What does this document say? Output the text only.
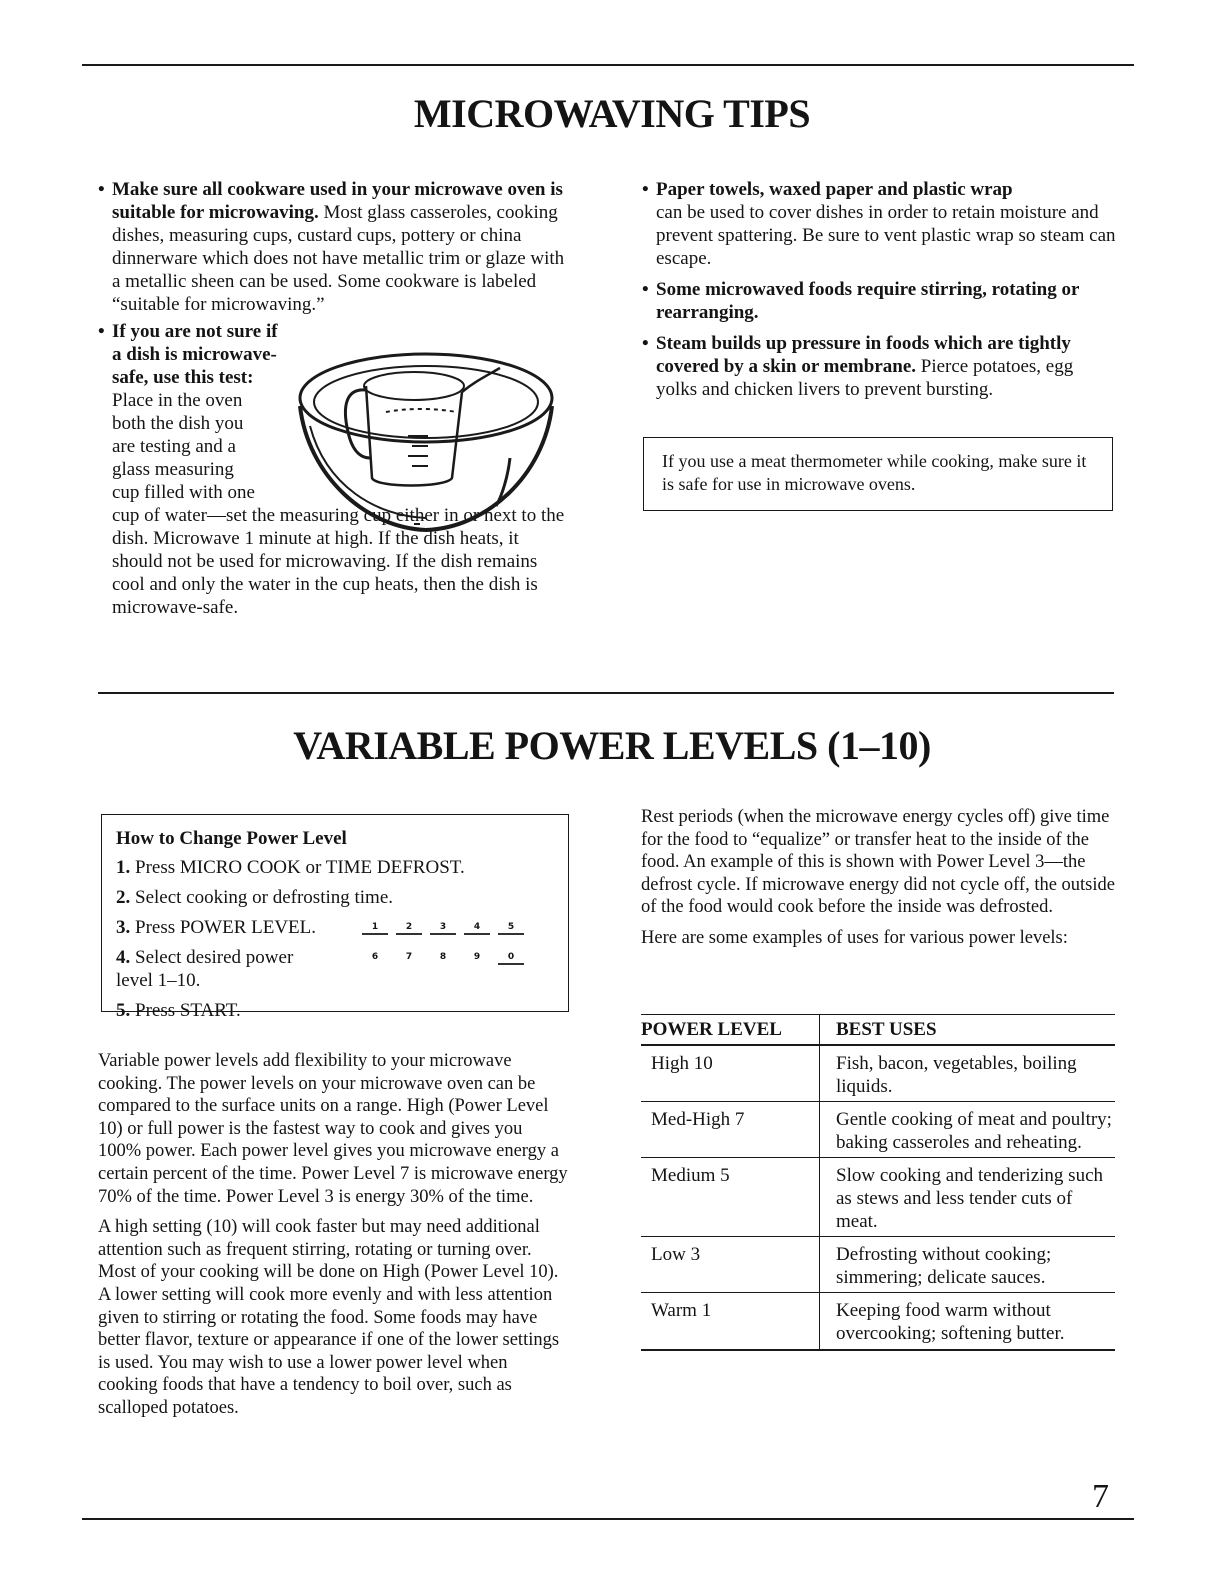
MICROWAVING TIPS
• Make sure all cookware used in your microwave oven is suitable for microwaving. Most glass casseroles, cooking dishes, measuring cups, custard cups, pottery or china dinnerware which does not have metallic trim or glaze with a metallic sheen can be used. Some cookware is labeled “suitable for microwaving.”
• If you are not sure if a dish is microwave-safe, use this test:
Place in the oven
both the dish you
are testing and a
glass measuring
cup filled with one
cup of water—set the measuring cup either in or next to the dish. Microwave 1 minute at high. If the dish heats, it should not be used for microwaving. If the dish remains cool and only the water in the cup heats, then the dish is microwave-safe.
• Paper towels, waxed paper and plastic wrap
can be used to cover dishes in order to retain moisture and prevent spattering. Be sure to vent plastic wrap so steam can escape.
• Some microwaved foods require stirring, rotating or rearranging.
• Steam builds up pressure in foods which are tightly covered by a skin or membrane. Pierce potatoes, egg yolks and chicken livers to prevent bursting.
If you use a meat thermometer while cooking, make sure it is safe for use in microwave ovens.
VARIABLE POWER LEVELS (1–10)
How to Change Power Level
1. Press MICRO COOK or TIME DEFROST.
2. Select cooking or defrosting time.
3. Press POWER LEVEL.
4. Select desired power level 1–10.
5. Press START.
1	2	3	4	5
6	7	8	9	0

Variable power levels add flexibility to your microwave cooking. The power levels on your microwave oven can be compared to the surface units on a range. High (Power Level 10) or full power is the fastest way to cook and gives you 100% power. Each power level gives you microwave energy a certain percent of the time. Power Level 7 is microwave energy 70% of the time. Power Level 3 is energy 30% of the time.

A high setting (10) will cook faster but may need additional attention such as frequent stirring, rotating or turning over. Most of your cooking will be done on High (Power Level 10). A lower setting will cook more evenly and with less attention given to stirring or rotating the food. Some foods may have better flavor, texture or appearance if one of the lower settings is used. You may wish to use a lower power level when cooking foods that have a tendency to boil over, such as scalloped potatoes.

Rest periods (when the microwave energy cycles off) give time for the food to “equalize” or transfer heat to the inside of the food. An example of this is shown with Power Level 3—the defrost cycle. If microwave energy did not cycle off, the outside of the food would cook before the inside was defrosted.

Here are some examples of uses for various power levels:

POWER LEVEL	BEST USES
High 10	Fish, bacon, vegetables, boiling liquids.
Med-High 7	Gentle cooking of meat and poultry; baking casseroles and reheating.
Medium 5	Slow cooking and tenderizing such as stews and less tender cuts of meat.
Low 3	Defrosting without cooking; simmering; delicate sauces.
Warm 1	Keeping food warm without overcooking; softening butter.
7
